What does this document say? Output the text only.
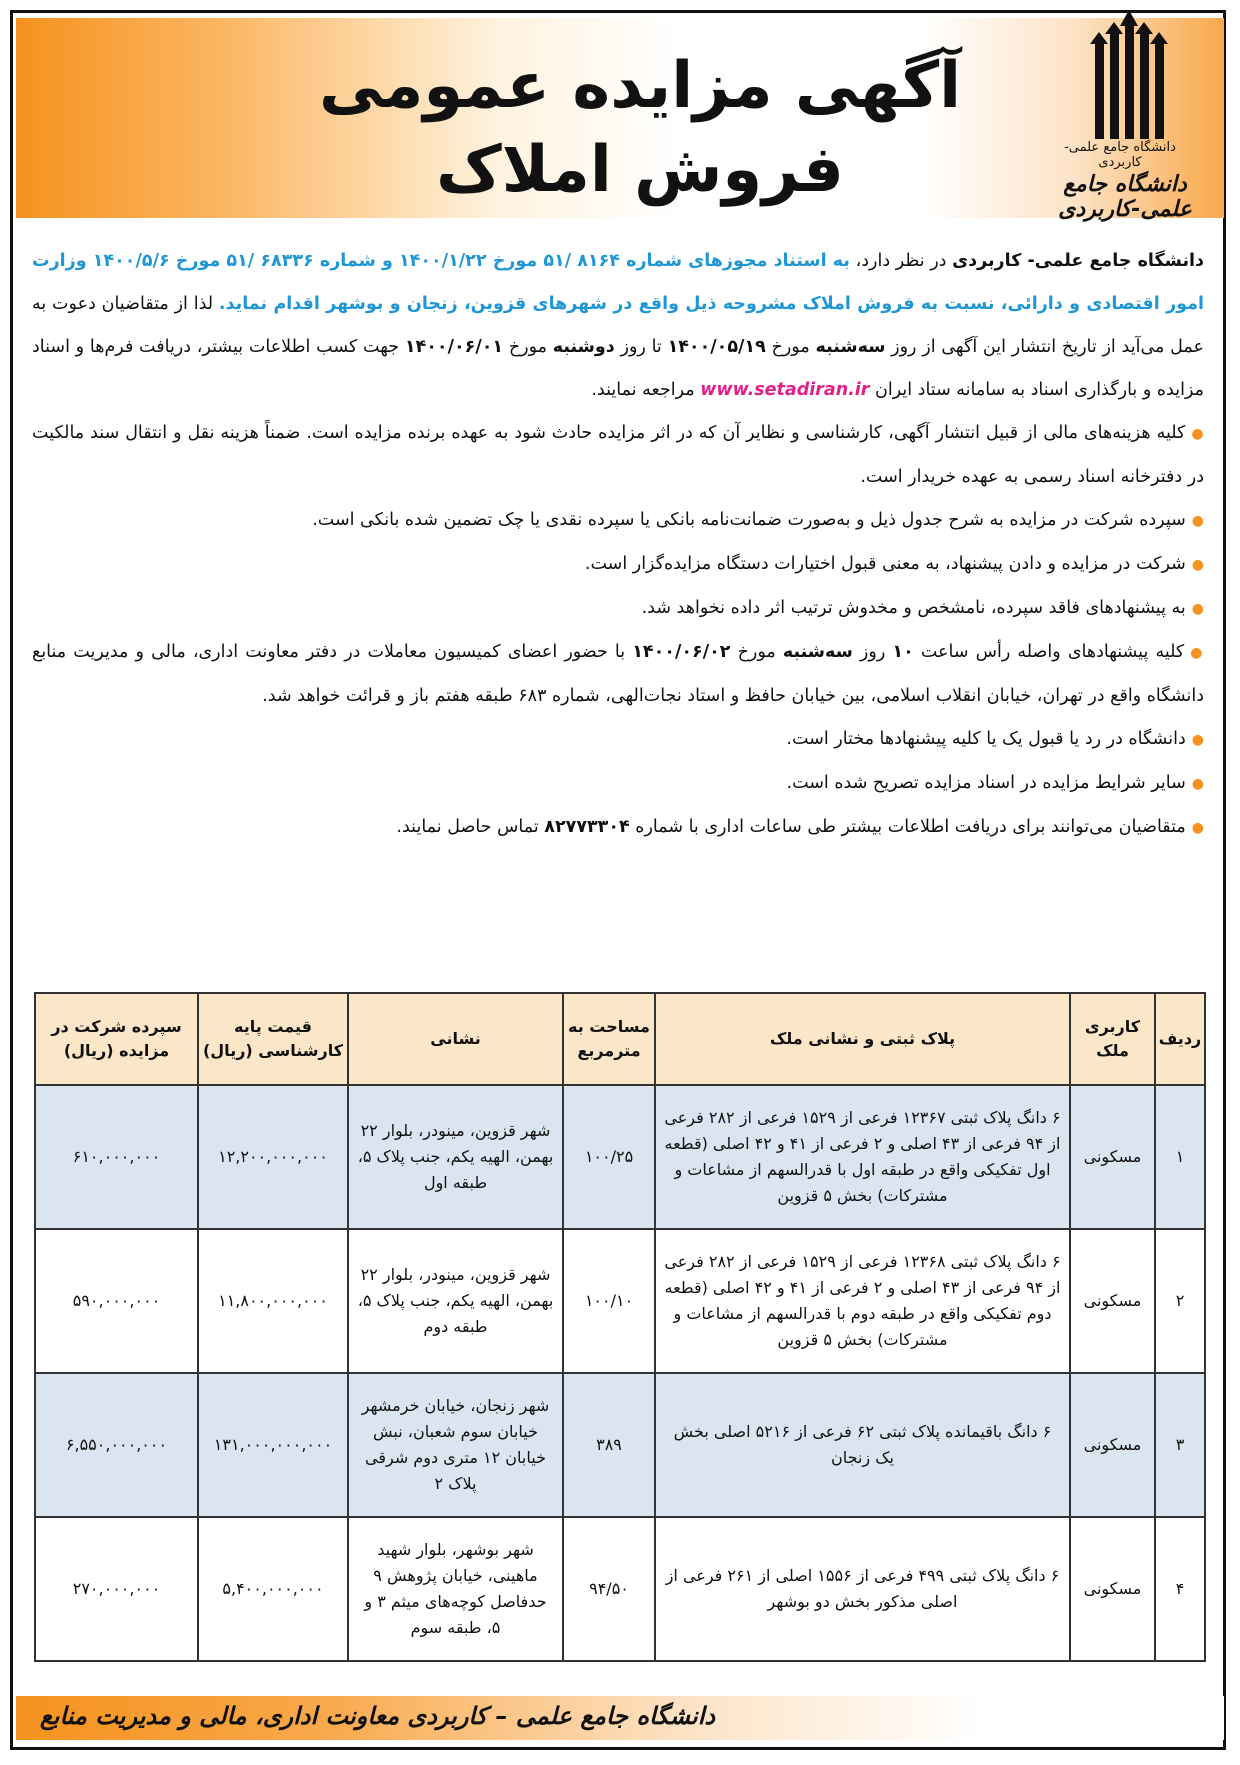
آگهی مزایده عمومی
فروش املاک	دانشگاه جامع علمی-کاربردی
دانشگاه جامع علمی-کاربردی

دانشگاه جامع علمی- کاربردی در نظر دارد، به استناد مجوزهای شماره ۸۱۶۴ /۵۱ مورخ ۱۴۰۰/۱/۲۲ و شماره ۶۸۳۳۶ /۵۱ مورخ ۱۴۰۰/۵/۶ وزارت امور اقتصادی و دارائی، نسبت به فروش املاک مشروحه ذیل واقع در شهرهای قزوین، زنجان و بوشهر اقدام نماید. لذا از متقاضیان دعوت به عمل می‌آید از تاریخ انتشار این آگهی از روز سه‌شنبه مورخ ۱۴۰۰/۰۵/۱۹ تا روز دوشنبه مورخ ۱۴۰۰/۰۶/۰۱ جهت کسب اطلاعات بیشتر، دریافت فرم‌ها و اسناد مزایده و بارگذاری اسناد به سامانه ستاد ایران www.setadiran.ir مراجعه نمایند.

●کلیه هزینه‌های مالی از قبیل انتشار آگهی، کارشناسی و نظایر آن که در اثر مزایده حادث شود به عهده برنده مزایده است. ضمناً هزینه نقل و انتقال سند مالکیت در دفترخانه اسناد رسمی به عهده خریدار است.

●سپرده شرکت در مزایده به شرح جدول ذیل و به‌صورت ضمانت‌نامه بانکی یا سپرده نقدی یا چک تضمین شده بانکی است.

●شرکت در مزایده و دادن پیشنهاد، به معنی قبول اختیارات دستگاه مزایده‌گزار است.

●به پیشنهادهای فاقد سپرده، نامشخص و مخدوش ترتیب اثر داده نخواهد شد.

●کلیه پیشنهادهای واصله رأس ساعت ۱۰ روز سه‌شنبه مورخ ۱۴۰۰/۰۶/۰۲ با حضور اعضای کمیسیون معاملات در دفتر معاونت اداری، مالی و مدیریت منابع دانشگاه واقع در تهران، خیابان انقلاب اسلامی، بین خیابان حافظ و استاد نجات‌الهی، شماره ۶۸۳ طبقه هفتم باز و قرائت خواهد شد.

●دانشگاه در رد یا قبول یک یا کلیه پیشنهادها مختار است.

●سایر شرایط مزایده در اسناد مزایده تصریح شده است.

●متقاضیان می‌توانند برای دریافت اطلاعات بیشتر طی ساعات اداری با شماره ۸۲۷۷۳۳۰۴ تماس حاصل نمایند.

ردیف	کاربری ملک	پلاک ثبتی و نشانی ملک	مساحت به مترمربع	نشانی	قیمت پایه کارشناسی (ریال)	سپرده شرکت در مزایده (ریال)
۱	مسکونی	۶ دانگ پلاک ثبتی ۱۲۳۶۷ فرعی از ۱۵۲۹ فرعی از ۲۸۲ فرعی از ۹۴ فرعی از ۴۳ اصلی و ۲ فرعی از ۴۱ و ۴۲ اصلی (قطعه اول تفکیکی واقع در طبقه اول با قدرالسهم از مشاعات و مشترکات) بخش ۵ قزوین	۱۰۰/۲۵	شهر قزوین، مینودر، بلوار ۲۲ بهمن، الهیه یکم، جنب پلاک ۵، طبقه اول	۱۲,۲۰۰,۰۰۰,۰۰۰	۶۱۰,۰۰۰,۰۰۰
۲	مسکونی	۶ دانگ پلاک ثبتی ۱۲۳۶۸ فرعی از ۱۵۲۹ فرعی از ۲۸۲ فرعی از ۹۴ فرعی از ۴۳ اصلی و ۲ فرعی از ۴۱ و ۴۲ اصلی (قطعه دوم تفکیکی واقع در طبقه دوم با قدرالسهم از مشاعات و مشترکات) بخش ۵ قزوین	۱۰۰/۱۰	شهر قزوین، مینودر، بلوار ۲۲ بهمن، الهیه یکم، جنب پلاک ۵، طبقه دوم	۱۱,۸۰۰,۰۰۰,۰۰۰	۵۹۰,۰۰۰,۰۰۰
۳	مسکونی	۶ دانگ باقیمانده پلاک ثبتی ۶۲ فرعی از ۵۲۱۶ اصلی بخش یک زنجان	۳۸۹	شهر زنجان، خیابان خرمشهر خیابان سوم شعبان، نبش خیابان ۱۲ متری دوم شرقی پلاک ۲	۱۳۱,۰۰۰,۰۰۰,۰۰۰	۶,۵۵۰,۰۰۰,۰۰۰
۴	مسکونی	۶ دانگ پلاک ثبتی ۴۹۹ فرعی از ۱۵۵۶ اصلی از ۲۶۱ فرعی از اصلی مذکور بخش دو بوشهر	۹۴/۵۰	شهر بوشهر، بلوار شهید ماهینی، خیابان پژوهش ۹ حدفاصل کوچه‌های میثم ۳ و ۵، طبقه سوم	۵,۴۰۰,۰۰۰,۰۰۰	۲۷۰,۰۰۰,۰۰۰
دانشگاه جامع علمی – کاربردی معاونت اداری، مالی و مدیریت منابع
